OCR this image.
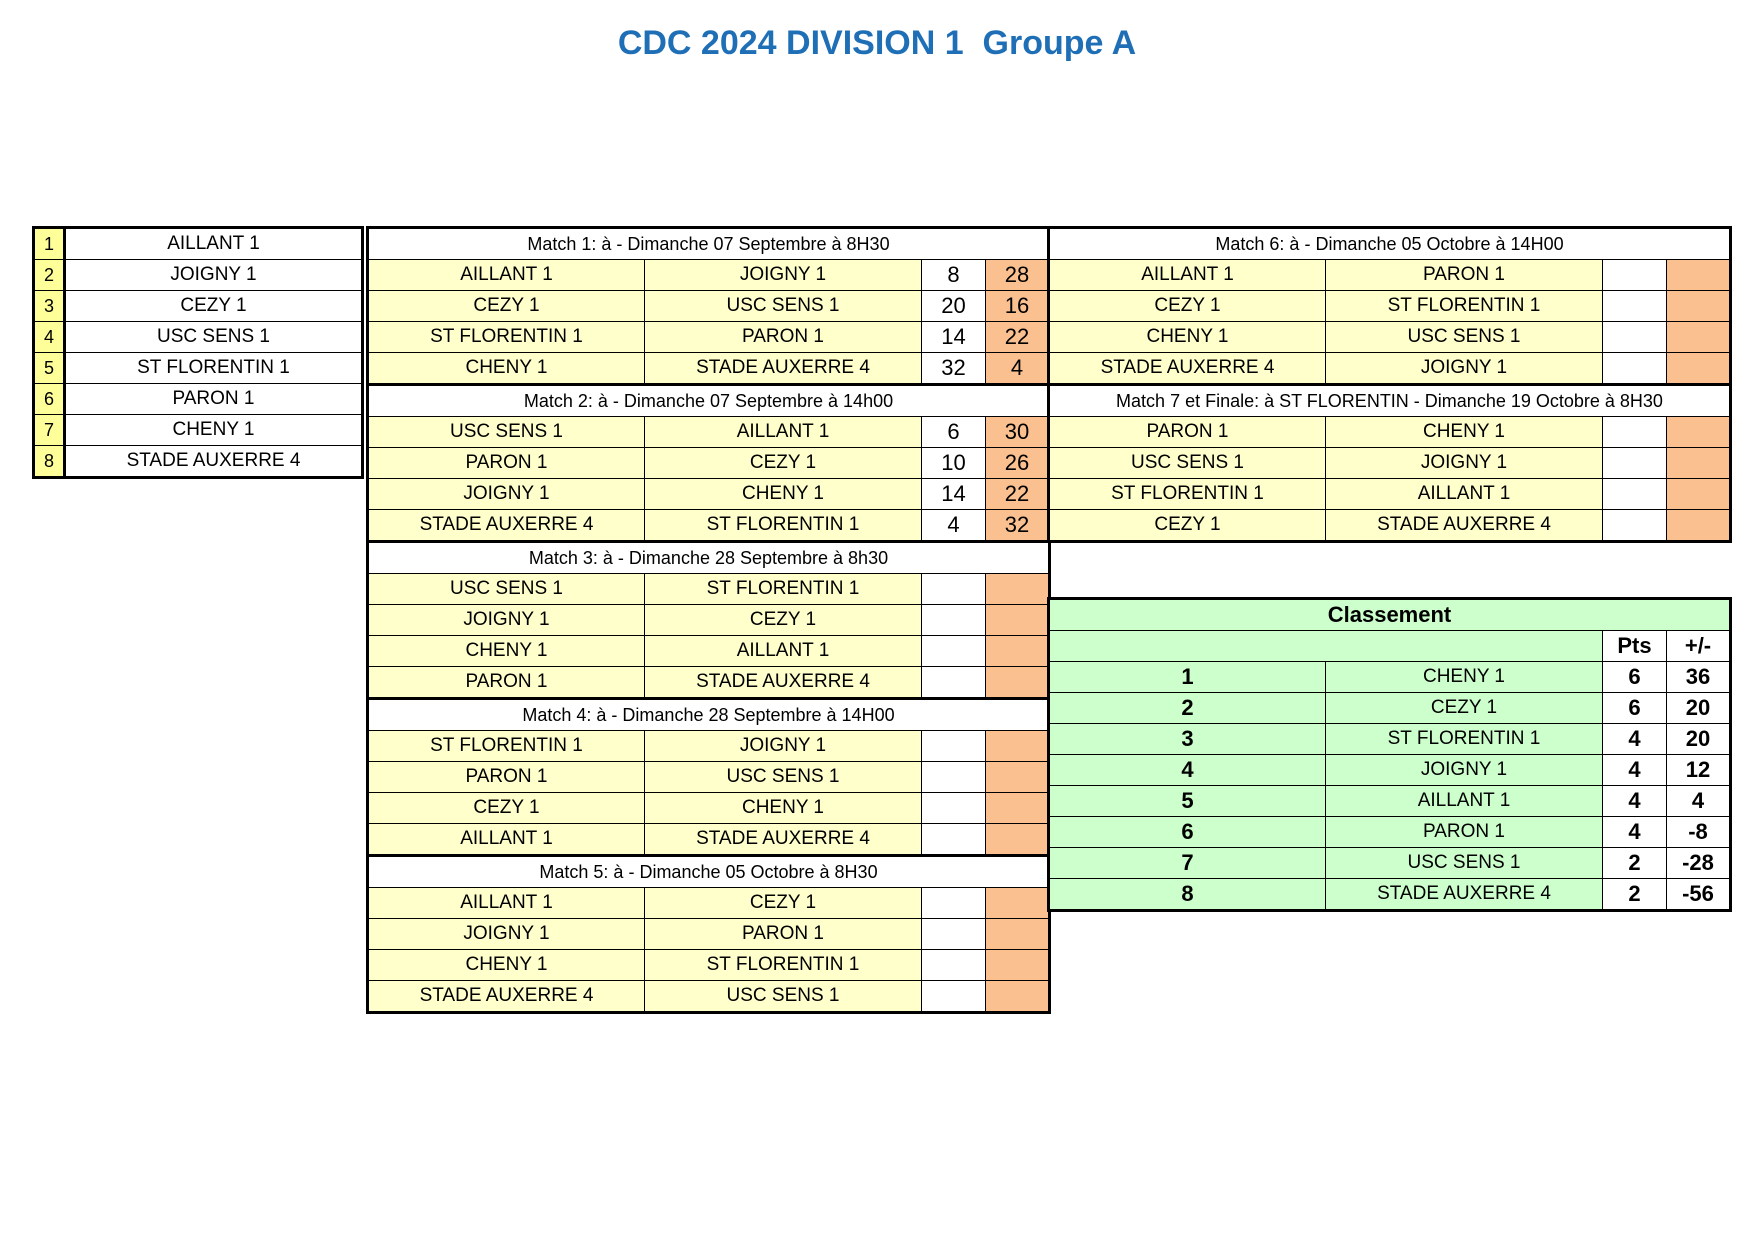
CDC 2024 DIVISION 1  Groupe A
1	AILLANT 1
2	JOIGNY 1
3	CEZY 1
4	USC SENS 1
5	ST FLORENTIN 1
6	PARON 1
7	CHENY 1
8	STADE AUXERRE 4
Match 1: à - Dimanche 07 Septembre à 8H30			
AILLANT 1	JOIGNY 1	8	28
CEZY 1	USC SENS 1	20	16
ST FLORENTIN 1	PARON 1	14	22
CHENY 1	STADE AUXERRE 4	32	4
Match 2: à - Dimanche 07 Septembre à 14h00			
USC SENS 1	AILLANT 1	6	30
PARON 1	CEZY 1	10	26
JOIGNY 1	CHENY 1	14	22
STADE AUXERRE 4	ST FLORENTIN 1	4	32
Match 3: à - Dimanche 28 Septembre à 8h30			
USC SENS 1	ST FLORENTIN 1		
JOIGNY 1	CEZY 1		
CHENY 1	AILLANT 1		
PARON 1	STADE AUXERRE 4		
Match 4: à - Dimanche 28 Septembre à 14H00			
ST FLORENTIN 1	JOIGNY 1		
PARON 1	USC SENS 1		
CEZY 1	CHENY 1		
AILLANT 1	STADE AUXERRE 4		
Match 5: à - Dimanche 05 Octobre à 8H30			
AILLANT 1	CEZY 1		
JOIGNY 1	PARON 1		
CHENY 1	ST FLORENTIN 1		
STADE AUXERRE 4	USC SENS 1		
Match 6: à - Dimanche 05 Octobre à 14H00			
AILLANT 1	PARON 1		
CEZY 1	ST FLORENTIN 1		
CHENY 1	USC SENS 1		
STADE AUXERRE 4	JOIGNY 1		
Match 7 et Finale: à ST FLORENTIN - Dimanche 19 Octobre à 8H30			
PARON 1	CHENY 1		
USC SENS 1	JOIGNY 1		
ST FLORENTIN 1	AILLANT 1		
CEZY 1	STADE AUXERRE 4		
Classement			
		Pts	+/-
1	CHENY 1	6	36
2	CEZY 1	6	20
3	ST FLORENTIN 1	4	20
4	JOIGNY 1	4	12
5	AILLANT 1	4	4
6	PARON 1	4	-8
7	USC SENS 1	2	-28
8	STADE AUXERRE 4	2	-56
